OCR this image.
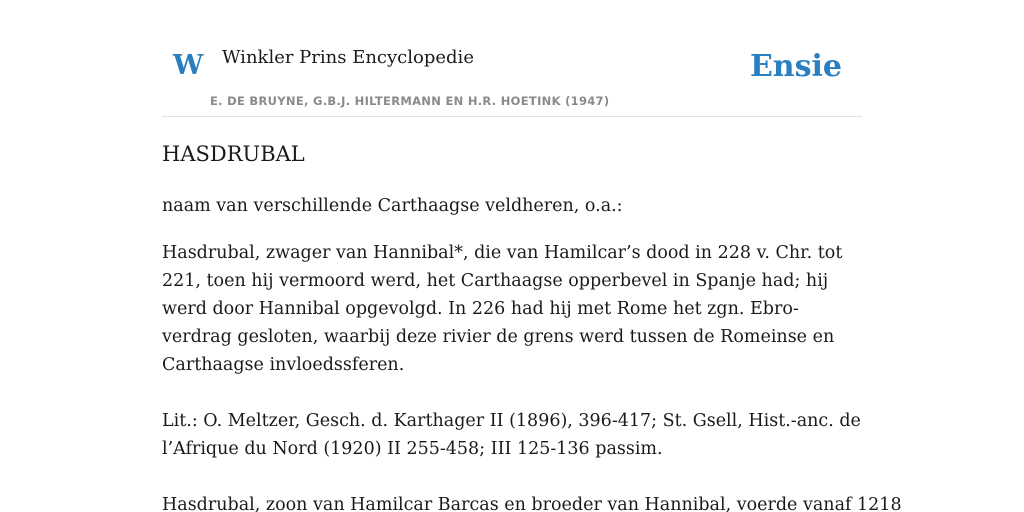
W Winkler Prins Encyclopedie
E. DE BRUYNE, G.B.J. HILTERMANN EN H.R. HOETINK (1947)
Ensie
HASDRUBAL

naam van verschillende Carthaagse veldheren, o.a.:

Hasdrubal, zwager van Hannibal*, die van Hamilcar’s dood in 228 v. Chr. tot 221, toen hij vermoord werd, het Carthaagse opperbevel in Spanje had; hij werd door Hannibal opgevolgd. In 226 had hij met Rome het zgn. Ebro-verdrag gesloten, waarbij deze rivier de grens werd tussen de Romeinse en Carthaagse invloedssferen.

Lit.: O. Meltzer, Gesch. d. Karthager II (1896), 396-417; St. Gsell, Hist.-anc. de l’Afrique du Nord (1920) II 255-458; III 125-136 passim.

Hasdrubal, zoon van Hamilcar Barcas en broeder van Hannibal, voerde vanaf 1218
